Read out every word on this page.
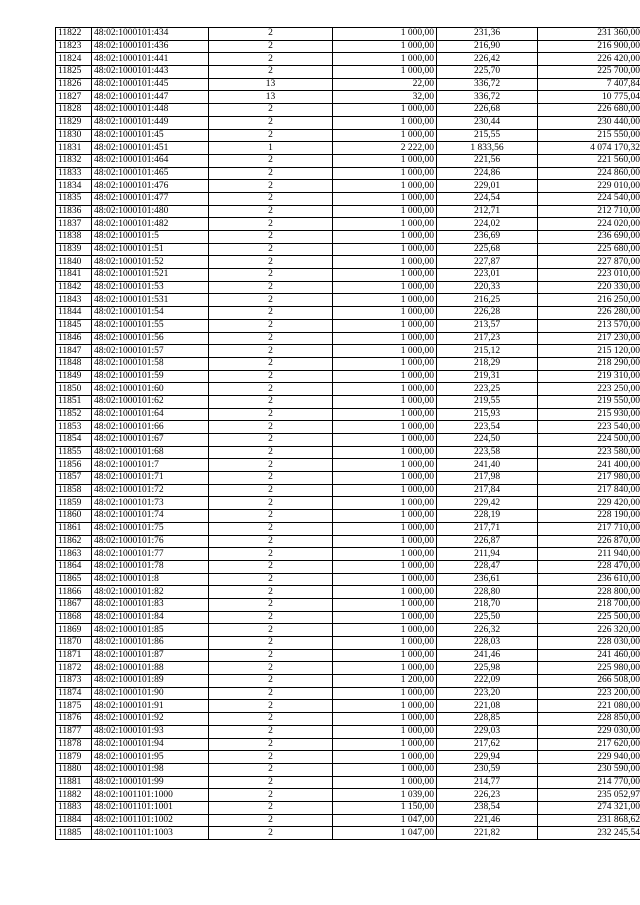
11822	48:02:1000101:434	2	1 000,00	231,36	231 360,00
11823	48:02:1000101:436	2	1 000,00	216,90	216 900,00
11824	48:02:1000101:441	2	1 000,00	226,42	226 420,00
11825	48:02:1000101:443	2	1 000,00	225,70	225 700,00
11826	48:02:1000101:445	13	22,00	336,72	7 407,84
11827	48:02:1000101:447	13	32,00	336,72	10 775,04
11828	48:02:1000101:448	2	1 000,00	226,68	226 680,00
11829	48:02:1000101:449	2	1 000,00	230,44	230 440,00
11830	48:02:1000101:45	2	1 000,00	215,55	215 550,00
11831	48:02:1000101:451	1	2 222,00	1 833,56	4 074 170,32
11832	48:02:1000101:464	2	1 000,00	221,56	221 560,00
11833	48:02:1000101:465	2	1 000,00	224,86	224 860,00
11834	48:02:1000101:476	2	1 000,00	229,01	229 010,00
11835	48:02:1000101:477	2	1 000,00	224,54	224 540,00
11836	48:02:1000101:480	2	1 000,00	212,71	212 710,00
11837	48:02:1000101:482	2	1 000,00	224,02	224 020,00
11838	48:02:1000101:5	2	1 000,00	236,69	236 690,00
11839	48:02:1000101:51	2	1 000,00	225,68	225 680,00
11840	48:02:1000101:52	2	1 000,00	227,87	227 870,00
11841	48:02:1000101:521	2	1 000,00	223,01	223 010,00
11842	48:02:1000101:53	2	1 000,00	220,33	220 330,00
11843	48:02:1000101:531	2	1 000,00	216,25	216 250,00
11844	48:02:1000101:54	2	1 000,00	226,28	226 280,00
11845	48:02:1000101:55	2	1 000,00	213,57	213 570,00
11846	48:02:1000101:56	2	1 000,00	217,23	217 230,00
11847	48:02:1000101:57	2	1 000,00	215,12	215 120,00
11848	48:02:1000101:58	2	1 000,00	218,29	218 290,00
11849	48:02:1000101:59	2	1 000,00	219,31	219 310,00
11850	48:02:1000101:60	2	1 000,00	223,25	223 250,00
11851	48:02:1000101:62	2	1 000,00	219,55	219 550,00
11852	48:02:1000101:64	2	1 000,00	215,93	215 930,00
11853	48:02:1000101:66	2	1 000,00	223,54	223 540,00
11854	48:02:1000101:67	2	1 000,00	224,50	224 500,00
11855	48:02:1000101:68	2	1 000,00	223,58	223 580,00
11856	48:02:1000101:7	2	1 000,00	241,40	241 400,00
11857	48:02:1000101:71	2	1 000,00	217,98	217 980,00
11858	48:02:1000101:72	2	1 000,00	217,84	217 840,00
11859	48:02:1000101:73	2	1 000,00	229,42	229 420,00
11860	48:02:1000101:74	2	1 000,00	228,19	228 190,00
11861	48:02:1000101:75	2	1 000,00	217,71	217 710,00
11862	48:02:1000101:76	2	1 000,00	226,87	226 870,00
11863	48:02:1000101:77	2	1 000,00	211,94	211 940,00
11864	48:02:1000101:78	2	1 000,00	228,47	228 470,00
11865	48:02:1000101:8	2	1 000,00	236,61	236 610,00
11866	48:02:1000101:82	2	1 000,00	228,80	228 800,00
11867	48:02:1000101:83	2	1 000,00	218,70	218 700,00
11868	48:02:1000101:84	2	1 000,00	225,50	225 500,00
11869	48:02:1000101:85	2	1 000,00	226,32	226 320,00
11870	48:02:1000101:86	2	1 000,00	228,03	228 030,00
11871	48:02:1000101:87	2	1 000,00	241,46	241 460,00
11872	48:02:1000101:88	2	1 000,00	225,98	225 980,00
11873	48:02:1000101:89	2	1 200,00	222,09	266 508,00
11874	48:02:1000101:90	2	1 000,00	223,20	223 200,00
11875	48:02:1000101:91	2	1 000,00	221,08	221 080,00
11876	48:02:1000101:92	2	1 000,00	228,85	228 850,00
11877	48:02:1000101:93	2	1 000,00	229,03	229 030,00
11878	48:02:1000101:94	2	1 000,00	217,62	217 620,00
11879	48:02:1000101:95	2	1 000,00	229,94	229 940,00
11880	48:02:1000101:98	2	1 000,00	230,59	230 590,00
11881	48:02:1000101:99	2	1 000,00	214,77	214 770,00
11882	48:02:1001101:1000	2	1 039,00	226,23	235 052,97
11883	48:02:1001101:1001	2	1 150,00	238,54	274 321,00
11884	48:02:1001101:1002	2	1 047,00	221,46	231 868,62
11885	48:02:1001101:1003	2	1 047,00	221,82	232 245,54
